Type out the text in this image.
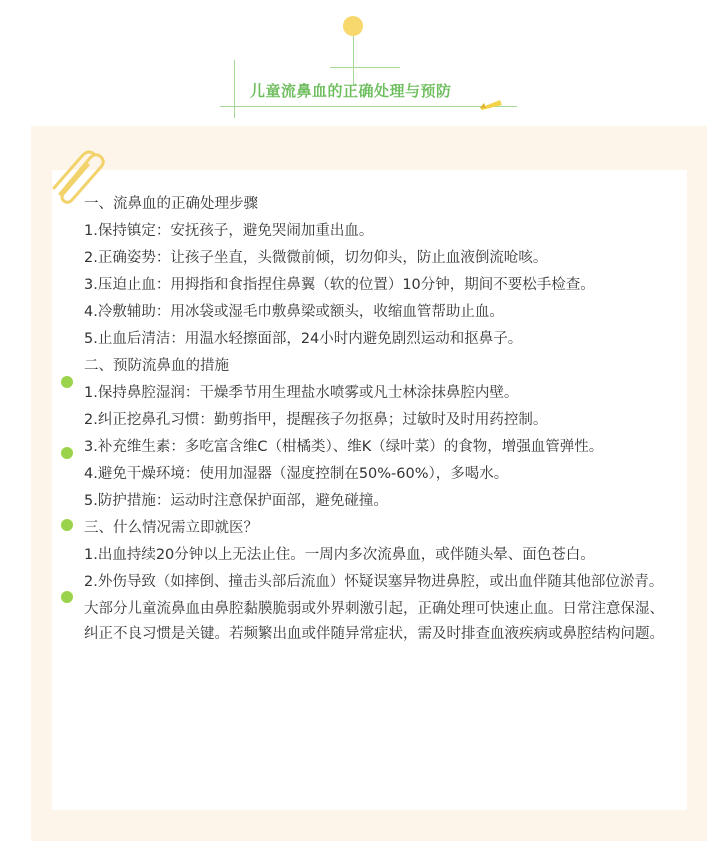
儿童流鼻血的正确处理与预防

一、流鼻血的正确处理步骤

1.保持镇定：安抚孩子，避免哭闹加重出血。

2.正确姿势：让孩子坐直，头微微前倾，切勿仰头，防止血液倒流呛咳。

3.压迫止血：用拇指和食指捏住鼻翼（软的位置）10分钟，期间不要松手检查。

4.冷敷辅助：用冰袋或湿毛巾敷鼻梁或额头，收缩血管帮助止血。

5.止血后清洁：用温水轻擦面部，24小时内避免剧烈运动和抠鼻子。

二、预防流鼻血的措施

1.保持鼻腔湿润：干燥季节用生理盐水喷雾或凡士林涂抹鼻腔内壁。

2.纠正挖鼻孔习惯：勤剪指甲，提醒孩子勿抠鼻；过敏时及时用药控制。

3.补充维生素：多吃富含维C（柑橘类）、维K（绿叶菜）的食物，增强血管弹性。

4.避免干燥环境：使用加湿器（湿度控制在50%-60%），多喝水。

5.防护措施：运动时注意保护面部，避免碰撞。

三、什么情况需立即就医？

1.出血持续20分钟以上无法止住。一周内多次流鼻血，或伴随头晕、面色苍白。

2.外伤导致（如摔倒、撞击头部后流血）怀疑误塞异物进鼻腔，或出血伴随其他部位淤青。

大部分儿童流鼻血由鼻腔黏膜脆弱或外界刺激引起，正确处理可快速止血。日常注意保湿、纠正不良习惯是关键。若频繁出血或伴随异常症状，需及时排查血液疾病或鼻腔结构问题。
